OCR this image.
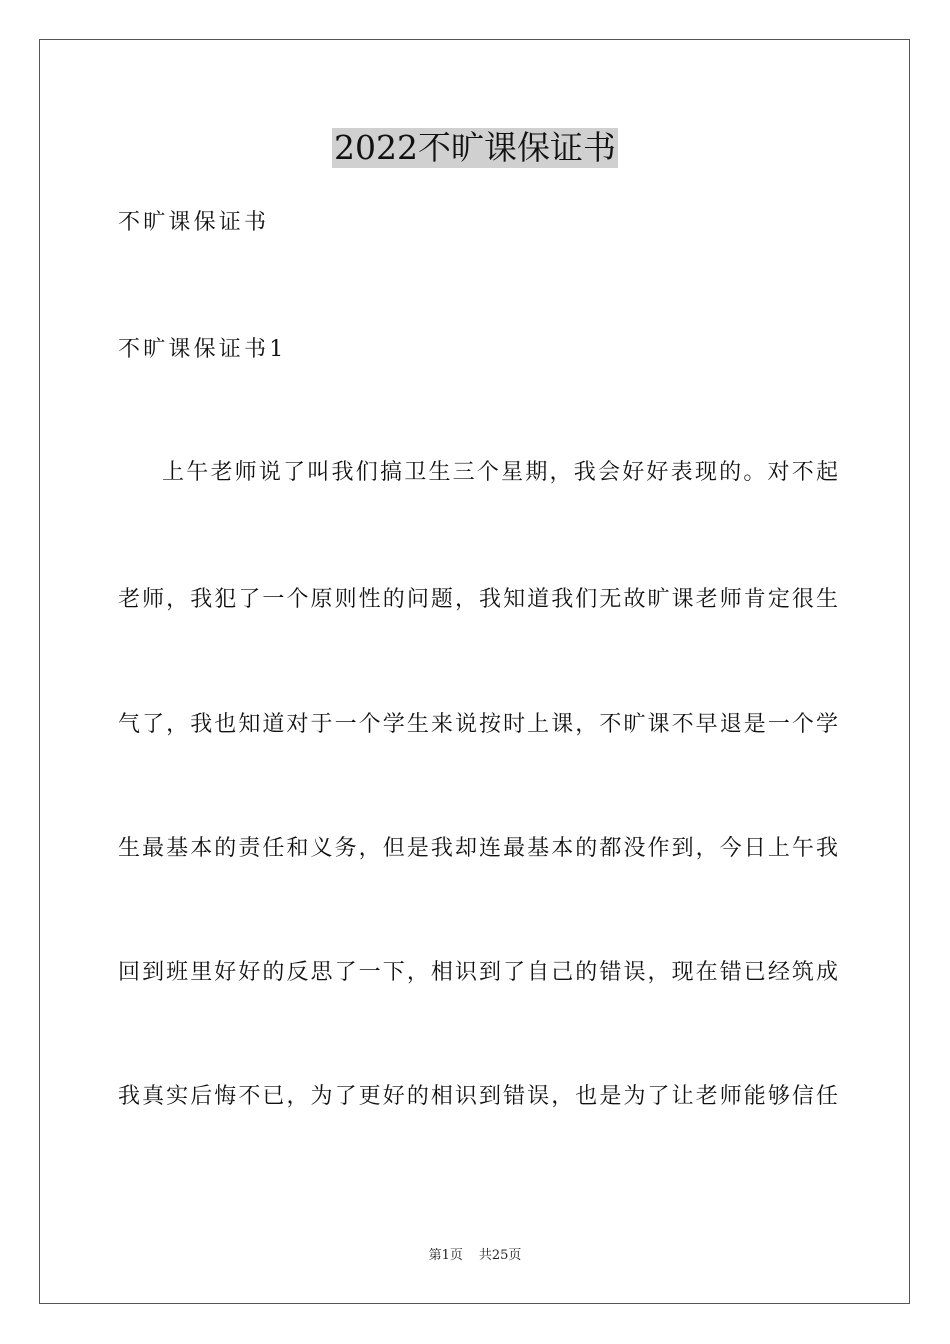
2022不旷课保证书
不旷课保证书
不旷课保证书1
上午老师说了叫我们搞卫生三个星期，我会好好表现的。对不起
老师，我犯了一个原则性的问题，我知道我们无故旷课老师肯定很生
气了，我也知道对于一个学生来说按时上课，不旷课不早退是一个学
生最基本的责任和义务，但是我却连最基本的都没作到，今日上午我
回到班里好好的反思了一下，相识到了自己的错误，现在错已经筑成
我真实后悔不已，为了更好的相识到错误，也是为了让老师能够信任
第1页 共25页
